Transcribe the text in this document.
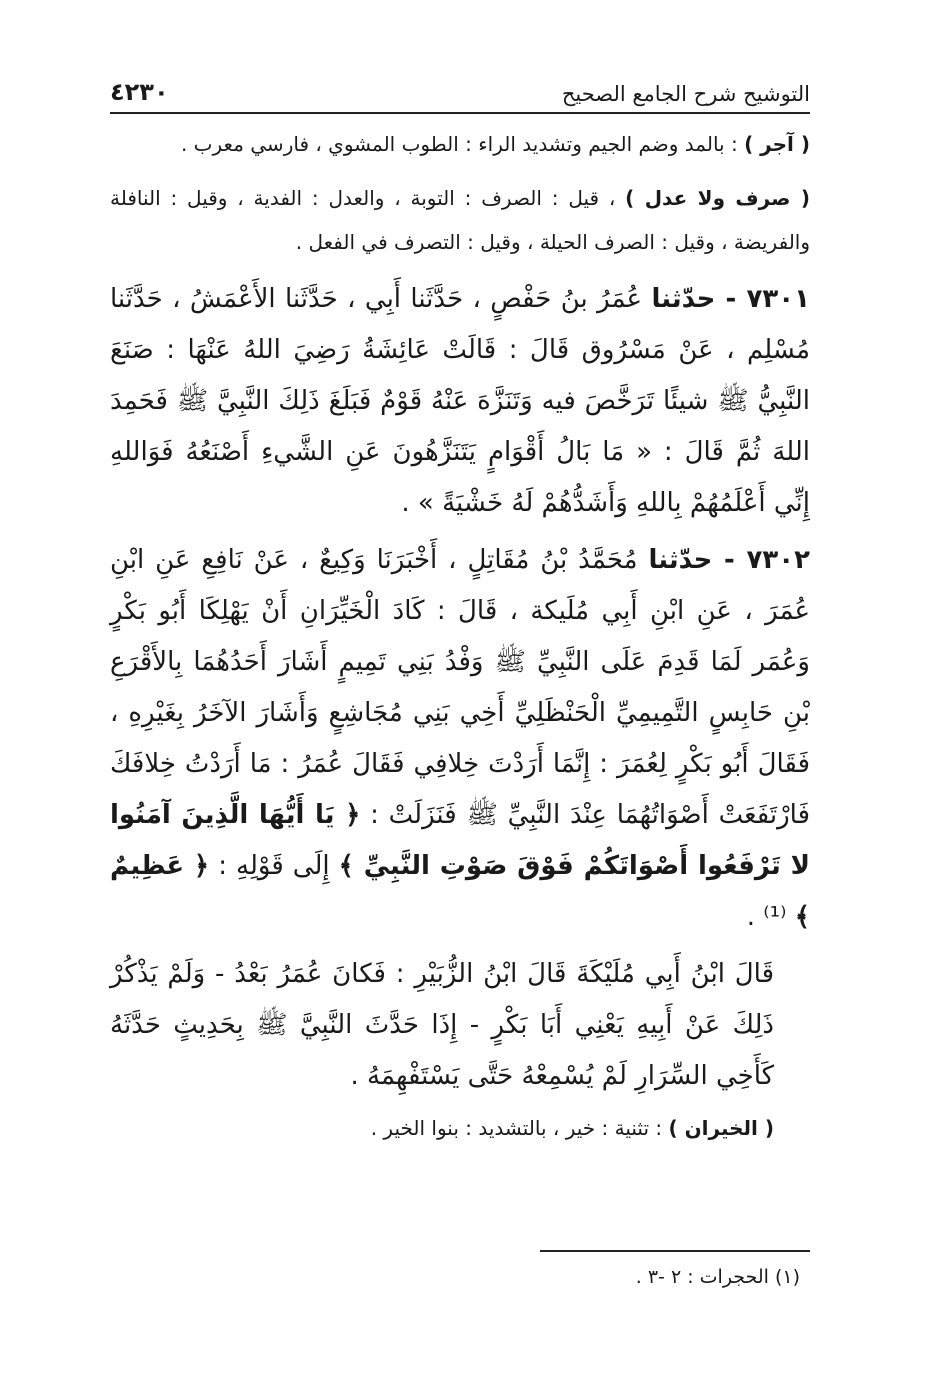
التوشيح شرح الجامع الصحيح
٤٢٣٠

( آجر ) : بالمد وضم الجيم وتشديد الراء : الطوب المشوي ، فارسي معرب .

( صرف ولا عدل ) ، قيل : الصرف : التوبة ، والعدل : الفدية ، وقيل : النافلة والفريضة ، وقيل : الصرف الحيلة ، وقيل : التصرف في الفعل .

٧٣٠١ - حدّثنا عُمَرُ بنُ حَفْصٍ ، حَدَّثَنا أَبِي ، حَدَّثَنا الأَعْمَشُ ، حَدَّثَنا مُسْلِم ، عَنْ مَسْرُوق قَالَ : قَالَتْ عَائِشَةُ رَضِيَ اللهُ عَنْهَا : صَنَعَ النَّبِيُّ ﷺ شيئًا تَرَخَّصَ فيه وَتَنَزَّهَ عَنْهُ قَوْمٌ فَبَلَغَ ذَلِكَ النَّبِيَّ ﷺ فَحَمِدَ اللهَ ثُمَّ قَالَ : « مَا بَالُ أَقْوَامٍ يَتَنَزَّهُونَ عَنِ الشَّيءِ أَصْنَعُهُ فَوَاللهِ إِنِّي أَعْلَمُهُمْ بِاللهِ وَأَشَدُّهُمْ لَهُ خَشْيَةً » .

٧٣٠٢ - حدّثنا مُحَمَّدُ بْنُ مُقَاتِلٍ ، أَخْبَرَنَا وَكِيعٌ ، عَنْ نَافِعِ عَنِ ابْنِ عُمَرَ ، عَنِ ابْنِ أَبِي مُلَيكة ، قَالَ : كَادَ الْخَيِّرَانِ أَنْ يَهْلِكَا أَبُو بَكْرٍ وَعُمَر لَمَا قَدِمَ عَلَى النَّبِيِّ ﷺ وَفْدُ بَنِي تَمِيمٍ أَشَارَ أَحَدُهُمَا بِالأَقْرَعِ بْنِ حَابِسٍ التَّمِيمِيِّ الْحَنْظَلِيِّ أَخِي بَنِي مُجَاشِعٍ وَأَشَارَ الآخَرُ بِغَيْرِهِ ، فَقَالَ أَبُو بَكْرٍ لِعُمَرَ : إِنَّمَا أَرَدْتَ خِلافِي فَقَالَ عُمَرُ : مَا أَرَدْتُ خِلافَكَ فَارْتَفَعَتْ أَصْوَاتُهُمَا عِنْدَ النَّبِيِّ ﷺ فَنَزَلَتْ : ﴿ يَا أَيُّهَا الَّذِينَ آمَنُوا لا تَرْفَعُوا أَصْوَاتَكُمْ فَوْقَ صَوْتِ النَّبِيِّ ﴾ إِلَى قَوْلِهِ : ﴿ عَظِيمٌ ﴾ ⁽¹⁾ .

قَالَ ابْنُ أَبِي مُلَيْكَةَ قَالَ ابْنُ الزُّبَيْرِ : فَكانَ عُمَرُ بَعْدُ - وَلَمْ يَذْكُرْ ذَلِكَ عَنْ أَبِيهِ يَعْنِي أَبَا بَكْرٍ - إِذَا حَدَّثَ النَّبِيَّ ﷺ بِحَدِيثٍ حَدَّثَهُ كَأَخِي السِّرَارِ لَمْ يُسْمِعْهُ حَتَّى يَسْتَفْهِمَهُ .

( الخيران ) : تثنية : خير ، بالتشديد : بنوا الخير .

(١) الحجرات : ٢ -٣ .
